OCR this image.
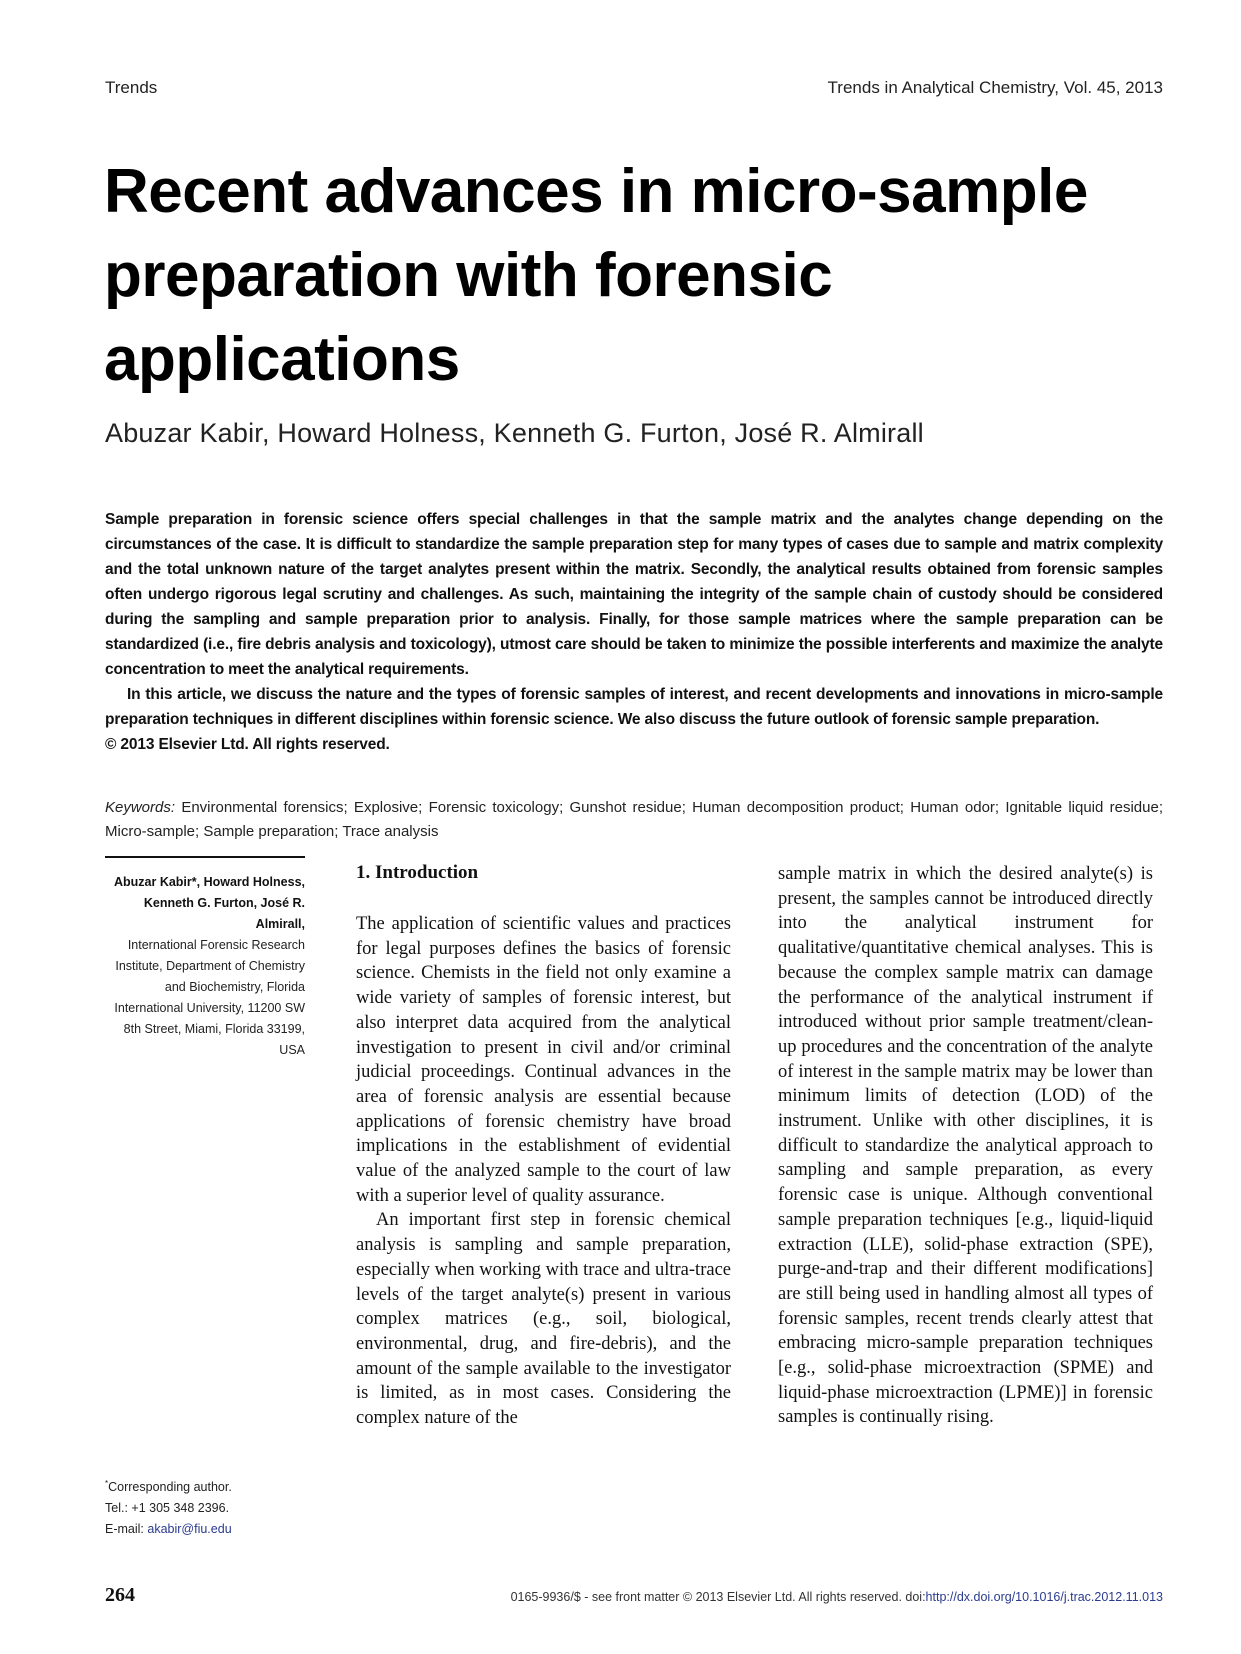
Trends	Trends in Analytical Chemistry, Vol. 45, 2013
Recent advances in micro-sample preparation with forensic applications
Abuzar Kabir, Howard Holness, Kenneth G. Furton, José R. Almirall

Sample preparation in forensic science offers special challenges in that the sample matrix and the analytes change depending on the circumstances of the case. It is difficult to standardize the sample preparation step for many types of cases due to sample and matrix complexity and the total unknown nature of the target analytes present within the matrix. Secondly, the analytical results obtained from forensic samples often undergo rigorous legal scrutiny and challenges. As such, maintaining the integrity of the sample chain of custody should be considered during the sampling and sample preparation prior to analysis. Finally, for those sample matrices where the sample preparation can be standardized (i.e., fire debris analysis and toxicology), utmost care should be taken to minimize the possible interferents and maximize the analyte concentration to meet the analytical requirements.

In this article, we discuss the nature and the types of forensic samples of interest, and recent developments and innovations in micro-sample preparation techniques in different disciplines within forensic science. We also discuss the future outlook of forensic sample preparation.

© 2013 Elsevier Ltd. All rights reserved.

Keywords: Environmental forensics; Explosive; Forensic toxicology; Gunshot residue; Human decomposition product; Human odor; Ignitable liquid residue; Micro-sample; Sample preparation; Trace analysis
Abuzar Kabir*, Howard Holness, Kenneth G. Furton, José R. Almirall,
International Forensic Research Institute, Department of Chemistry and Biochemistry, Florida International University, 11200 SW 8th Street, Miami, Florida 33199, USA
*Corresponding author.
Tel.: +1 305 348 2396.
E-mail: akabir@fiu.edu
1. Introduction

The application of scientific values and practices for legal purposes defines the basics of forensic science. Chemists in the field not only examine a wide variety of samples of forensic interest, but also interpret data acquired from the analytical investigation to present in civil and/or criminal judicial proceedings. Continual advances in the area of forensic analysis are essential because applications of forensic chemistry have broad implications in the establishment of evidential value of the analyzed sample to the court of law with a superior level of quality assurance.

An important first step in forensic chemical analysis is sampling and sample preparation, especially when working with trace and ultra-trace levels of the target analyte(s) present in various complex matrices (e.g., soil, biological, environmental, drug, and fire-debris), and the amount of the sample available to the investigator is limited, as in most cases. Considering the complex nature of the

sample matrix in which the desired analyte(s) is present, the samples cannot be introduced directly into the analytical instrument for qualitative/quantitative chemical analyses. This is because the complex sample matrix can damage the performance of the analytical instrument if introduced without prior sample treatment/clean-up procedures and the concentration of the analyte of interest in the sample matrix may be lower than minimum limits of detection (LOD) of the instrument. Unlike with other disciplines, it is difficult to standardize the analytical approach to sampling and sample preparation, as every forensic case is unique. Although conventional sample preparation techniques [e.g., liquid-liquid extraction (LLE), solid-phase extraction (SPE), purge-and-trap and their different modifications] are still being used in handling almost all types of forensic samples, recent trends clearly attest that embracing micro-sample preparation techniques [e.g., solid-phase microextraction (SPME) and liquid-phase microextraction (LPME)] in forensic samples is continually rising.

264	0165-9936/$ - see front matter © 2013 Elsevier Ltd. All rights reserved. doi:http://dx.doi.org/10.1016/j.trac.2012.11.013
